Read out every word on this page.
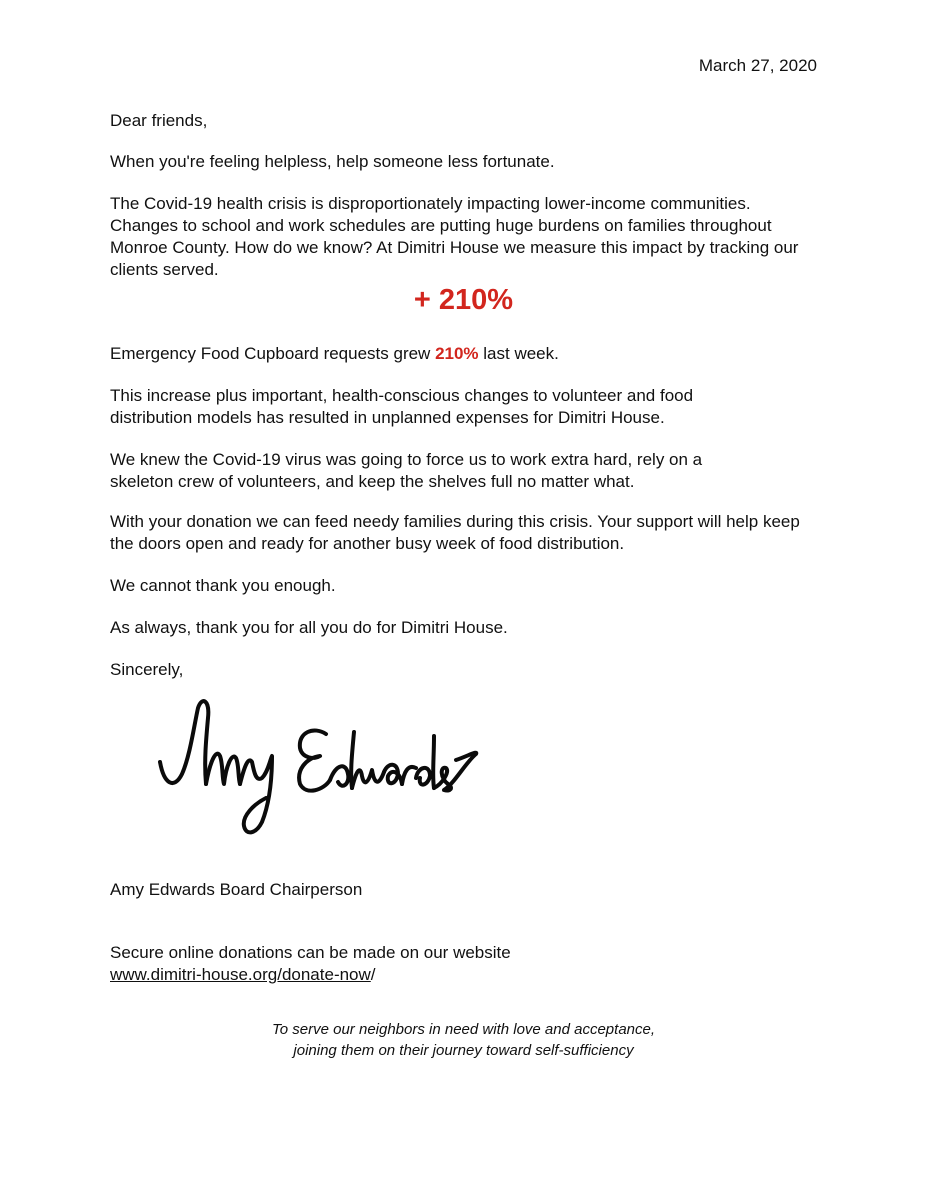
March 27, 2020

Dear friends,

When you're feeling helpless, help someone less fortunate.

The Covid-19 health crisis is disproportionately impacting lower-income communities. Changes to school and work schedules are putting huge burdens on families throughout Monroe County. How do we know? At Dimitri House we measure this impact by tracking our clients served.

+ 210%

Emergency Food Cupboard requests grew 210% last week.

This increase plus important, health-conscious changes to volunteer and food distribution models has resulted in unplanned expenses for Dimitri House.

We knew the Covid-19 virus was going to force us to work extra hard, rely on a skeleton crew of volunteers, and keep the shelves full no matter what.

With your donation we can feed needy families during this crisis. Your support will help keep the doors open and ready for another busy week of food distribution.

We cannot thank you enough.

As always, thank you for all you do for Dimitri House.

Sincerely,

Amy Edwards Board Chairperson

Secure online donations can be made on our website

www.dimitri-house.org/donate-now/

To serve our neighbors in need with love and acceptance,
joining them on their journey toward self-sufficiency
